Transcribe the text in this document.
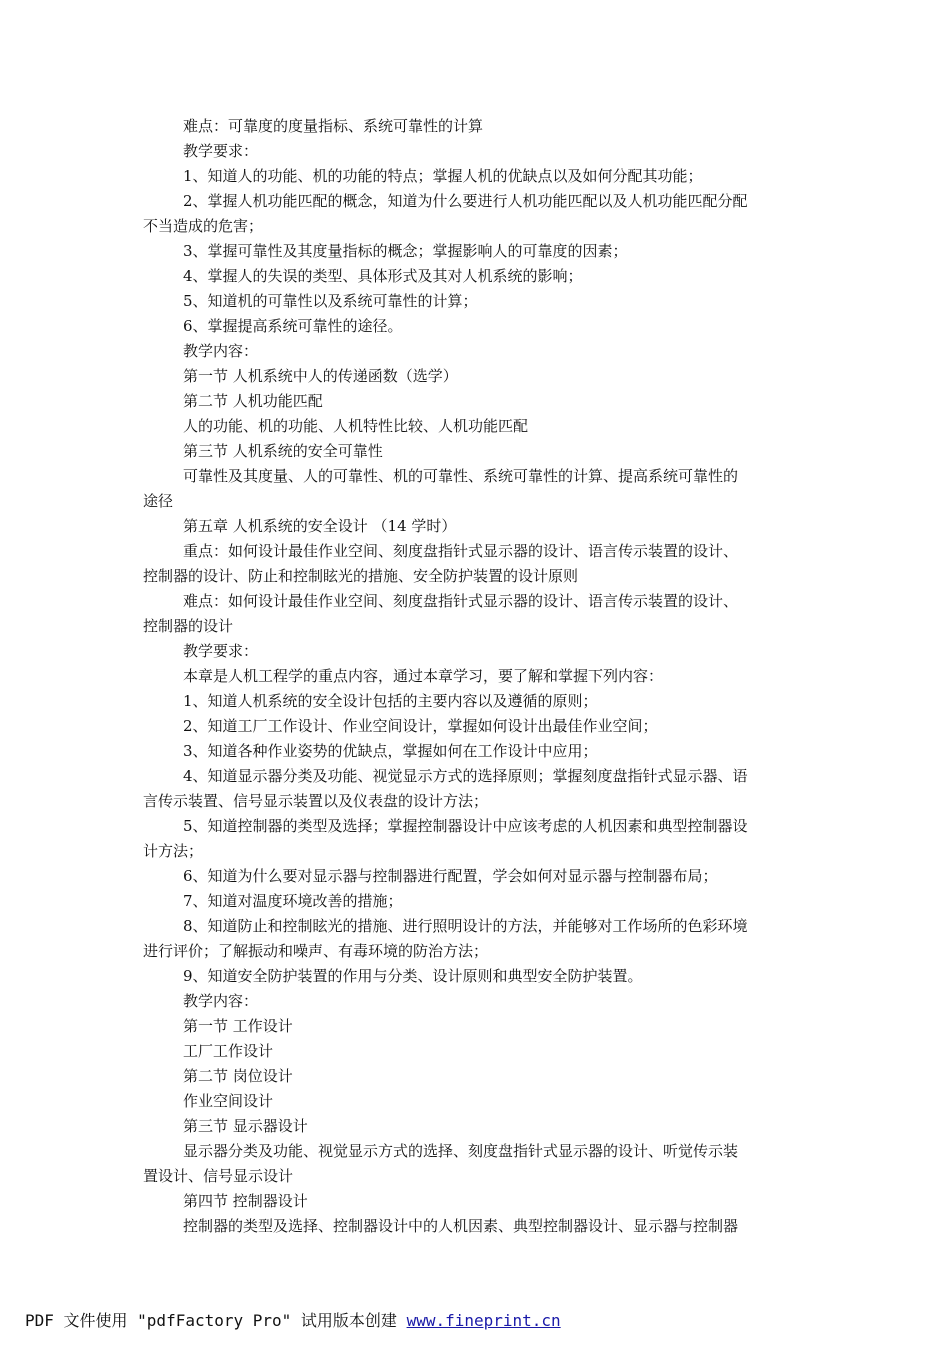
难点：可靠度的度量指标、系统可靠性的计算
教学要求：
1、知道人的功能、机的功能的特点；掌握人机的优缺点以及如何分配其功能；
2、掌握人机功能匹配的概念，知道为什么要进行人机功能匹配以及人机功能匹配分配
不当造成的危害；
3、掌握可靠性及其度量指标的概念；掌握影响人的可靠度的因素；
4、掌握人的失误的类型、具体形式及其对人机系统的影响；
5、知道机的可靠性以及系统可靠性的计算；
6、掌握提高系统可靠性的途径。
教学内容：
第一节 人机系统中人的传递函数（选学）
第二节 人机功能匹配
人的功能、机的功能、人机特性比较、人机功能匹配
第三节 人机系统的安全可靠性
可靠性及其度量、人的可靠性、机的可靠性、系统可靠性的计算、提高系统可靠性的
途径
第五章 人机系统的安全设计 （14 学时）
重点：如何设计最佳作业空间、刻度盘指针式显示器的设计、语言传示装置的设计、
控制器的设计、防止和控制眩光的措施、安全防护装置的设计原则
难点：如何设计最佳作业空间、刻度盘指针式显示器的设计、语言传示装置的设计、
控制器的设计
教学要求：
本章是人机工程学的重点内容，通过本章学习，要了解和掌握下列内容：
1、知道人机系统的安全设计包括的主要内容以及遵循的原则；
2、知道工厂工作设计、作业空间设计，掌握如何设计出最佳作业空间；
3、知道各种作业姿势的优缺点，掌握如何在工作设计中应用；
4、知道显示器分类及功能、视觉显示方式的选择原则；掌握刻度盘指针式显示器、语
言传示装置、信号显示装置以及仪表盘的设计方法；
5、知道控制器的类型及选择；掌握控制器设计中应该考虑的人机因素和典型控制器设
计方法；
6、知道为什么要对显示器与控制器进行配置，学会如何对显示器与控制器布局；
7、知道对温度环境改善的措施；
8、知道防止和控制眩光的措施、进行照明设计的方法，并能够对工作场所的色彩环境
进行评价；了解振动和噪声、有毒环境的防治方法；
9、知道安全防护装置的作用与分类、设计原则和典型安全防护装置。
教学内容：
第一节 工作设计
工厂工作设计
第二节 岗位设计
作业空间设计
第三节 显示器设计
显示器分类及功能、视觉显示方式的选择、刻度盘指针式显示器的设计、听觉传示装
置设计、信号显示设计
第四节 控制器设计
控制器的类型及选择、控制器设计中的人机因素、典型控制器设计、显示器与控制器
PDF 文件使用 "pdfFactory Pro" 试用版本创建 www.fineprint.cn
